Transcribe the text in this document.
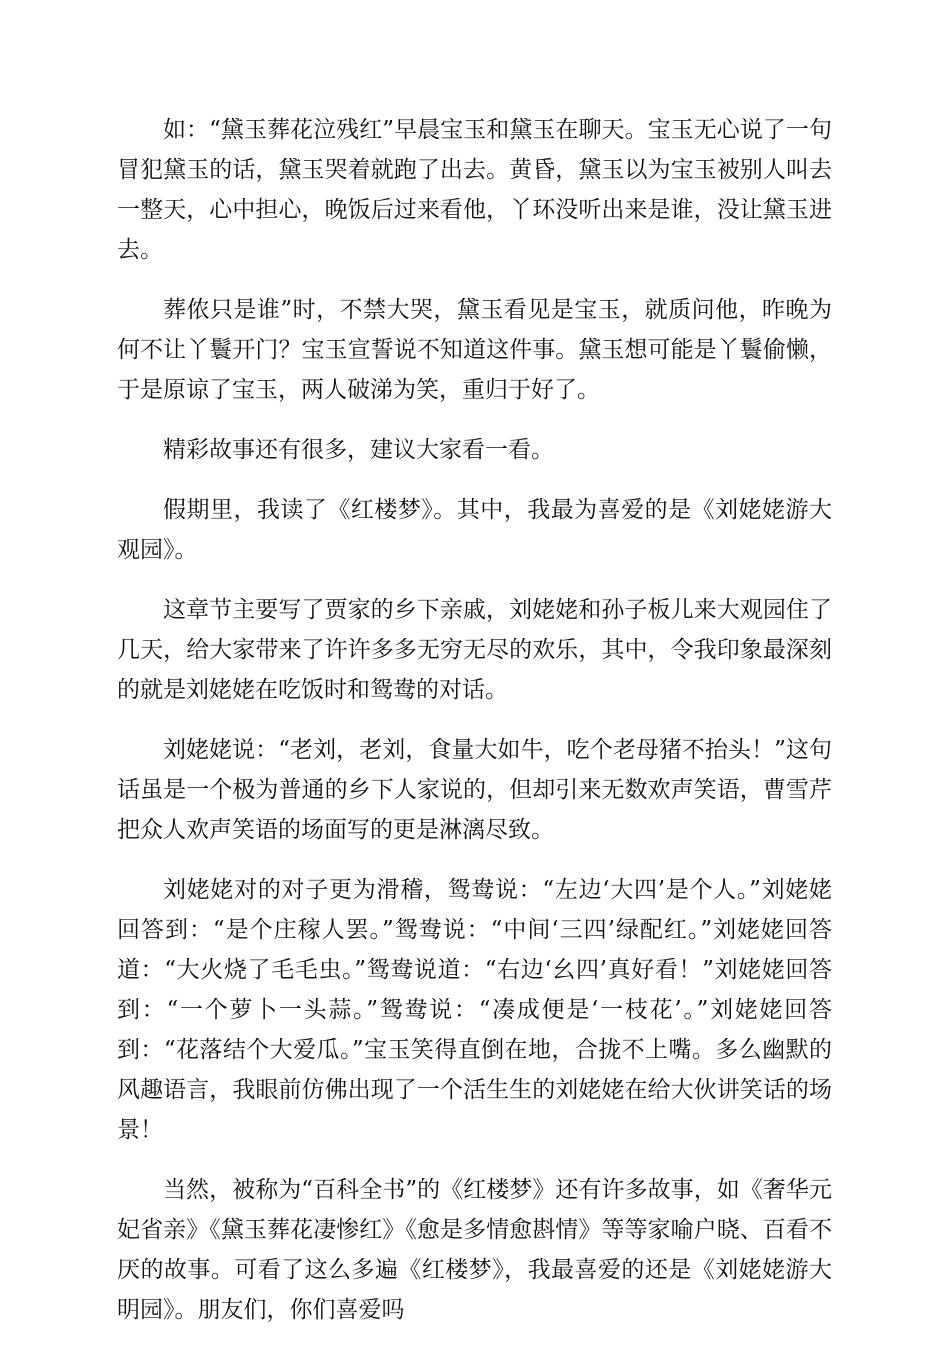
如：“黛玉葬花泣残红”早晨宝玉和黛玉在聊天。宝玉无心说了一句冒犯黛玉的话，黛玉哭着就跑了出去。黄昏，黛玉以为宝玉被别人叫去一整天，心中担心，晚饭后过来看他，丫环没听出来是谁，没让黛玉进去。

葬侬只是谁”时，不禁大哭，黛玉看见是宝玉，就质问他，昨晚为何不让丫鬟开门？宝玉宣誓说不知道这件事。黛玉想可能是丫鬟偷懒，于是原谅了宝玉，两人破涕为笑，重归于好了。

精彩故事还有很多，建议大家看一看。

假期里，我读了《红楼梦》。其中，我最为喜爱的是《刘姥姥游大观园》。

这章节主要写了贾家的乡下亲戚，刘姥姥和孙子板儿来大观园住了几天，给大家带来了许许多多无穷无尽的欢乐，其中，令我印象最深刻的就是刘姥姥在吃饭时和鸳鸯的对话。

刘姥姥说：“老刘，老刘，食量大如牛，吃个老母猪不抬头！”这句话虽是一个极为普通的乡下人家说的，但却引来无数欢声笑语，曹雪芹把众人欢声笑语的场面写的更是淋漓尽致。

刘姥姥对的对子更为滑稽，鸳鸯说：“左边‘大四’是个人。”刘姥姥回答到：“是个庄稼人罢。”鸳鸯说：“中间‘三四’绿配红。”刘姥姥回答道：“大火烧了毛毛虫。”鸳鸯说道：“右边‘幺四’真好看！”刘姥姥回答到：“一个萝卜一头蒜。”鸳鸯说：“凑成便是‘一枝花’。”刘姥姥回答到：“花落结个大爱瓜。”宝玉笑得直倒在地，合拢不上嘴。多么幽默的风趣语言，我眼前仿佛出现了一个活生生的刘姥姥在给大伙讲笑话的场景！

当然，被称为“百科全书”的《红楼梦》还有许多故事，如《奢华元妃省亲》《黛玉葬花凄惨红》《愈是多情愈斟情》等等家喻户晓、百看不厌的故事。可看了这么多遍《红楼梦》，我最喜爱的还是《刘姥姥游大明园》。朋友们，你们喜爱吗
